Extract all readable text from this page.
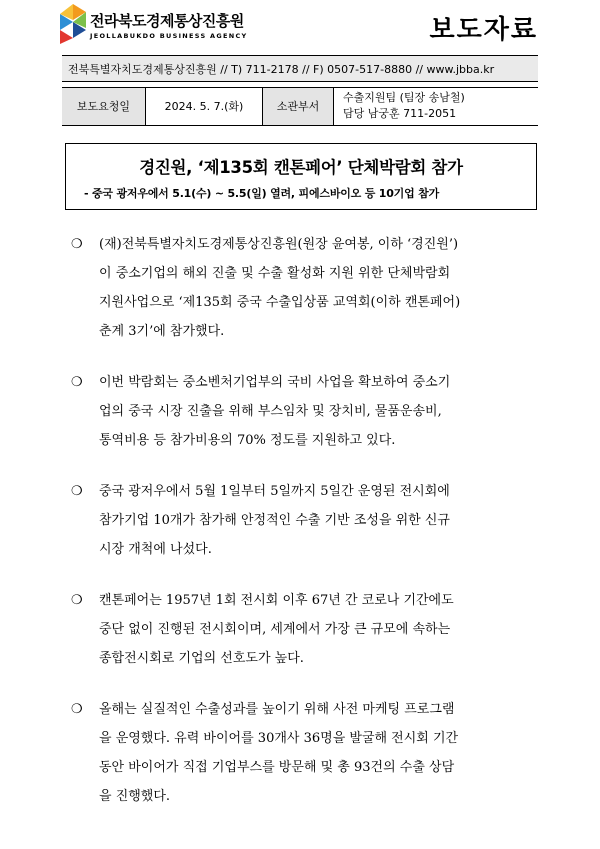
전라북도경제통상진흥원
JEOLLABUKDO BUSINESS AGENCY	보도자료
전북특별자치도경제통상진흥원 // T) 711-2178 // F) 0507-517-8880 // www.jbba.kr
보도요청일	2024. 5. 7.(화)	소관부서
수출지원팀 (팀장 송남철)
담당 남궁훈 711-2051
경진원, ‘제135회 캔톤페어’ 단체박람회 참가
- 중국 광저우에서 5.1(수) ~ 5.5(일) 열려, 피에스바이오 등 10기업 참가
❍ (재)전북특별자치도경제통상진흥원(원장 윤여봉, 이하 ‘경진원’)
이 중소기업의 해외 진출 및 수출 활성화 지원 위한 단체박람회
지원사업으로 ‘제135회 중국 수출입상품 교역회(이하 캔톤페어)
춘계 3기’에 참가했다.
❍ 이번 박람회는 중소벤처기업부의 국비 사업을 확보하여 중소기
업의 중국 시장 진출을 위해 부스임차 및 장치비, 물품운송비,
통역비용 등 참가비용의 70% 정도를 지원하고 있다.
❍ 중국 광저우에서 5월 1일부터 5일까지 5일간 운영된 전시회에
참가기업 10개가 참가해 안정적인 수출 기반 조성을 위한 신규
시장 개척에 나섰다.
❍ 캔톤페어는 1957년 1회 전시회 이후 67년 간 코로나 기간에도
중단 없이 진행된 전시회이며, 세계에서 가장 큰 규모에 속하는
종합전시회로 기업의 선호도가 높다.
❍ 올해는 실질적인 수출성과를 높이기 위해 사전 마케팅 프로그램
을 운영했다. 유력 바이어를 30개사 36명을 발굴해 전시회 기간
동안 바이어가 직접 기업부스를 방문해 및 총 93건의 수출 상담
을 진행했다.
